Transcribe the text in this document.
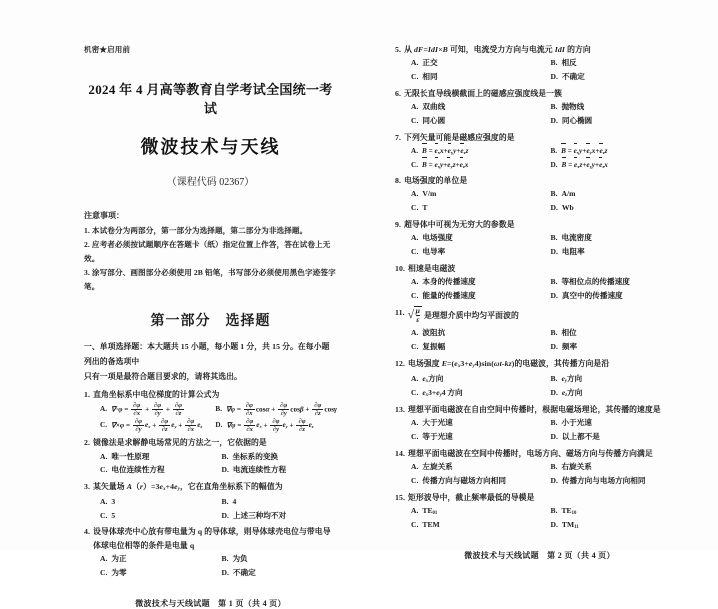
机密★启用前
2024 年 4 月高等教育自学考试全国统一考试
微波技术与天线
（课程代码 02367）
注意事项：
1. 本试卷分为两部分，第一部分为选择题，第二部分为非选择题。
2. 应考者必须按试题顺序在答题卡（纸）指定位置上作答，答在试卷上无效。
3. 涂写部分、画图部分必须使用 2B 铅笔，书写部分必须使用黑色字迹签字笔。
第一部分　选择题
一、单项选择题：本大题共 15 小题，每小题 1 分，共 15 分。在每小题列出的备选项中
只有一项是最符合题目要求的，请将其选出。
1. 直角坐标系中电位梯度的计算公式为
A. $\nabla\cdot\varphi = \frac{\partial\varphi}{\partial x} + \frac{\partial\varphi}{\partial y} + \frac{\partial\varphi}{\partial z}$	B. $\nabla\varphi = \frac{\partial\varphi}{\partial x}$ $\cos\alpha + \frac{\partial\varphi}{\partial y}$ $\cos\beta + \frac{\partial\varphi}{\partial z}$ cosγ
C. $\nabla\times\varphi = \frac{\partial\varphi}{\partial y} e_x + \frac{\partial\varphi}{\partial z} e_y + \frac{\partial\varphi}{\partial x} e_z$ D. $\nabla\varphi = \frac{\partial\varphi}{\partial x} e_x + \frac{\partial\varphi}{\partial y} e_y + \frac{\partial\varphi}{\partial z} e_z$
2. 镜像法是求解静电场常见的方法之一，它依据的是
A. 唯一性原理	B. 坐标系的变换
C. 电位连续性方程	D. 电流连续性方程
3. 某矢量场 $A(r)=3e_x+4e_y$，它在直角坐标系下的幅值为
A. 3	B. 4
C. 5	D. 上述三种均不对
4. 设导体球壳中心放有带电量为 q 的导体球，则导体球壳电位与带电导体球电位相等的条件是电量 q
A. 为正	B. 为负
C. 为零	D. 不确定
微波技术与天线试题　第 1 页（共 4 页）
5. 从 dF=IdI×B 可知，电流受力方向与电流元 IdI 的方向
A. 正交	B. 相反
C. 相同	D. 不确定
6. 无限长直导线横截面上的磁感应强度线是一簇
A. 双曲线	B. 抛物线
C. 同心圆	D. 同心椭圆
7. 下列矢量可能是磁感应强度的是
A. $B = e_xx+e_yy+e_zz$	B. $B = e_xy+e_yx+e_zz$
C. $B = e_xy+e_yz+e_zx$	D. $B = e_xz+e_yy+e_zx$
8. 电场强度的单位是
A. V/m	B. A/m
C. T	D. Wb
9. 超导体中可视为无穷大的参数是
A. 电场强度	B. 电流密度
C. 电导率	D. 电阻率
10. 相速是电磁波
A. 本身的传播速度	B. 等相位点的传播速度
C. 能量的传播速度	D. 真空中的传播速度
11. √ $\frac{\mu}{\varepsilon}$ 是理想介质中均匀平面波的
A. 波阻抗	B. 相位
C. 复振幅	D. 频率
12. 电场强度 $E=(e_x3+e_y4)\sin(\omega t-kz)$的电磁波，其传播方向是沿
A. $e_x$方向	B. $e_y$方向
C. $e_x3+e_y4$ 方向	D. $e_z$方向
13. 理想平面电磁波在自由空间中传播时，根据电磁场理论，其传播的速度是
A. 大于光速	B. 小于光速
C. 等于光速	D. 以上都不是
14. 理想平面电磁波在空间中传播时，电场方向、磁场方向与传播方向满足
A. 左旋关系	B. 右旋关系
C. 传播方向与磁场方向相同	D. 传播方向与电场方向相同
15. 矩形波导中，截止频率最低的导模是
A. $TE_{01}$	B. $TE_{10}$
C. TEM	D. $TM_{11}$
微波技术与天线试题　第 2 页（共 4 页）
